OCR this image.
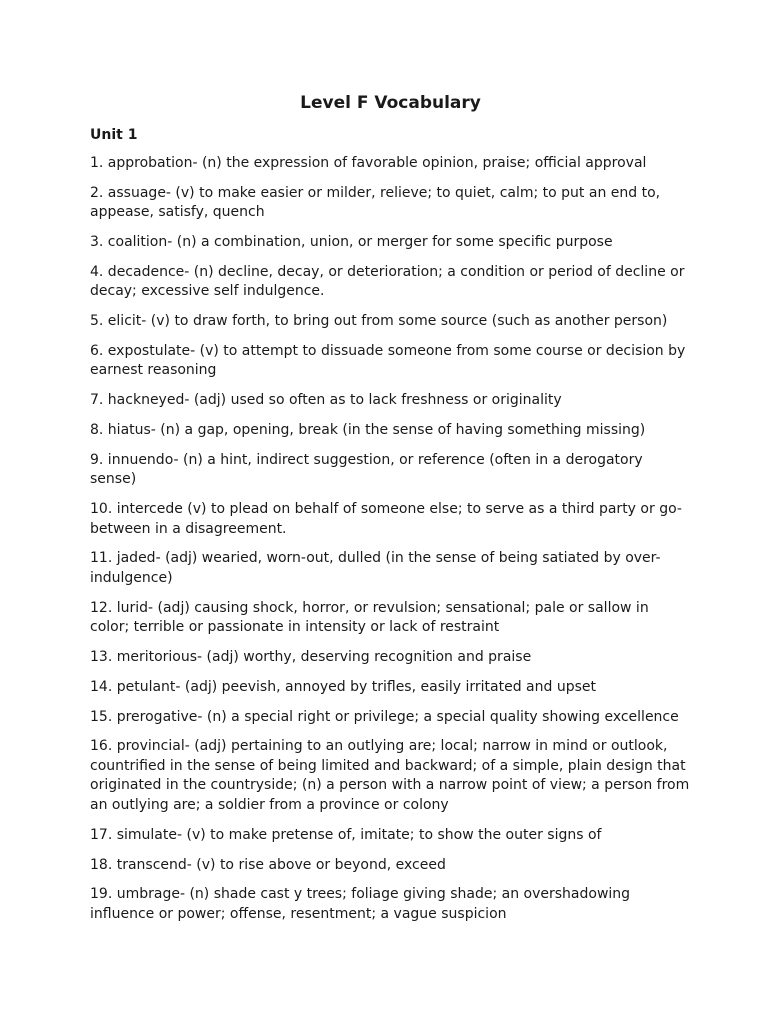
Level F Vocabulary
Unit 1
1. approbation- (n) the expression of favorable opinion, praise; official approval
2. assuage- (v) to make easier or milder, relieve; to quiet, calm; to put an end to, appease, satisfy, quench
3. coalition- (n) a combination, union, or merger for some specific purpose
4. decadence- (n) decline, decay, or deterioration; a condition or period of decline or decay; excessive self indulgence.
5. elicit- (v) to draw forth, to bring out from some source (such as another person)
6. expostulate- (v) to attempt to dissuade someone from some course or decision by earnest reasoning
7. hackneyed- (adj) used so often as to lack freshness or originality
8. hiatus- (n) a gap, opening, break (in the sense of having something missing)
9. innuendo- (n) a hint, indirect suggestion, or reference (often in a derogatory sense)
10. intercede (v) to plead on behalf of someone else; to serve as a third party or go-between in a disagreement.
11. jaded- (adj) wearied, worn-out, dulled (in the sense of being satiated by over-indulgence)
12. lurid- (adj) causing shock, horror, or revulsion; sensational; pale or sallow in color; terrible or passionate in intensity or lack of restraint
13. meritorious- (adj) worthy, deserving recognition and praise
14. petulant- (adj) peevish, annoyed by trifles, easily irritated and upset
15. prerogative- (n) a special right or privilege; a special quality showing excellence
16. provincial- (adj) pertaining to an outlying are; local; narrow in mind or outlook, countrified in the sense of being limited and backward; of a simple, plain design that originated in the countryside; (n) a person with a narrow point of view; a person from an outlying are; a soldier from a province or colony
17. simulate- (v) to make pretense of, imitate; to show the outer signs of
18. transcend- (v) to rise above or beyond, exceed
19. umbrage- (n) shade cast y trees; foliage giving shade; an overshadowing influence or power; offense, resentment; a vague suspicion
